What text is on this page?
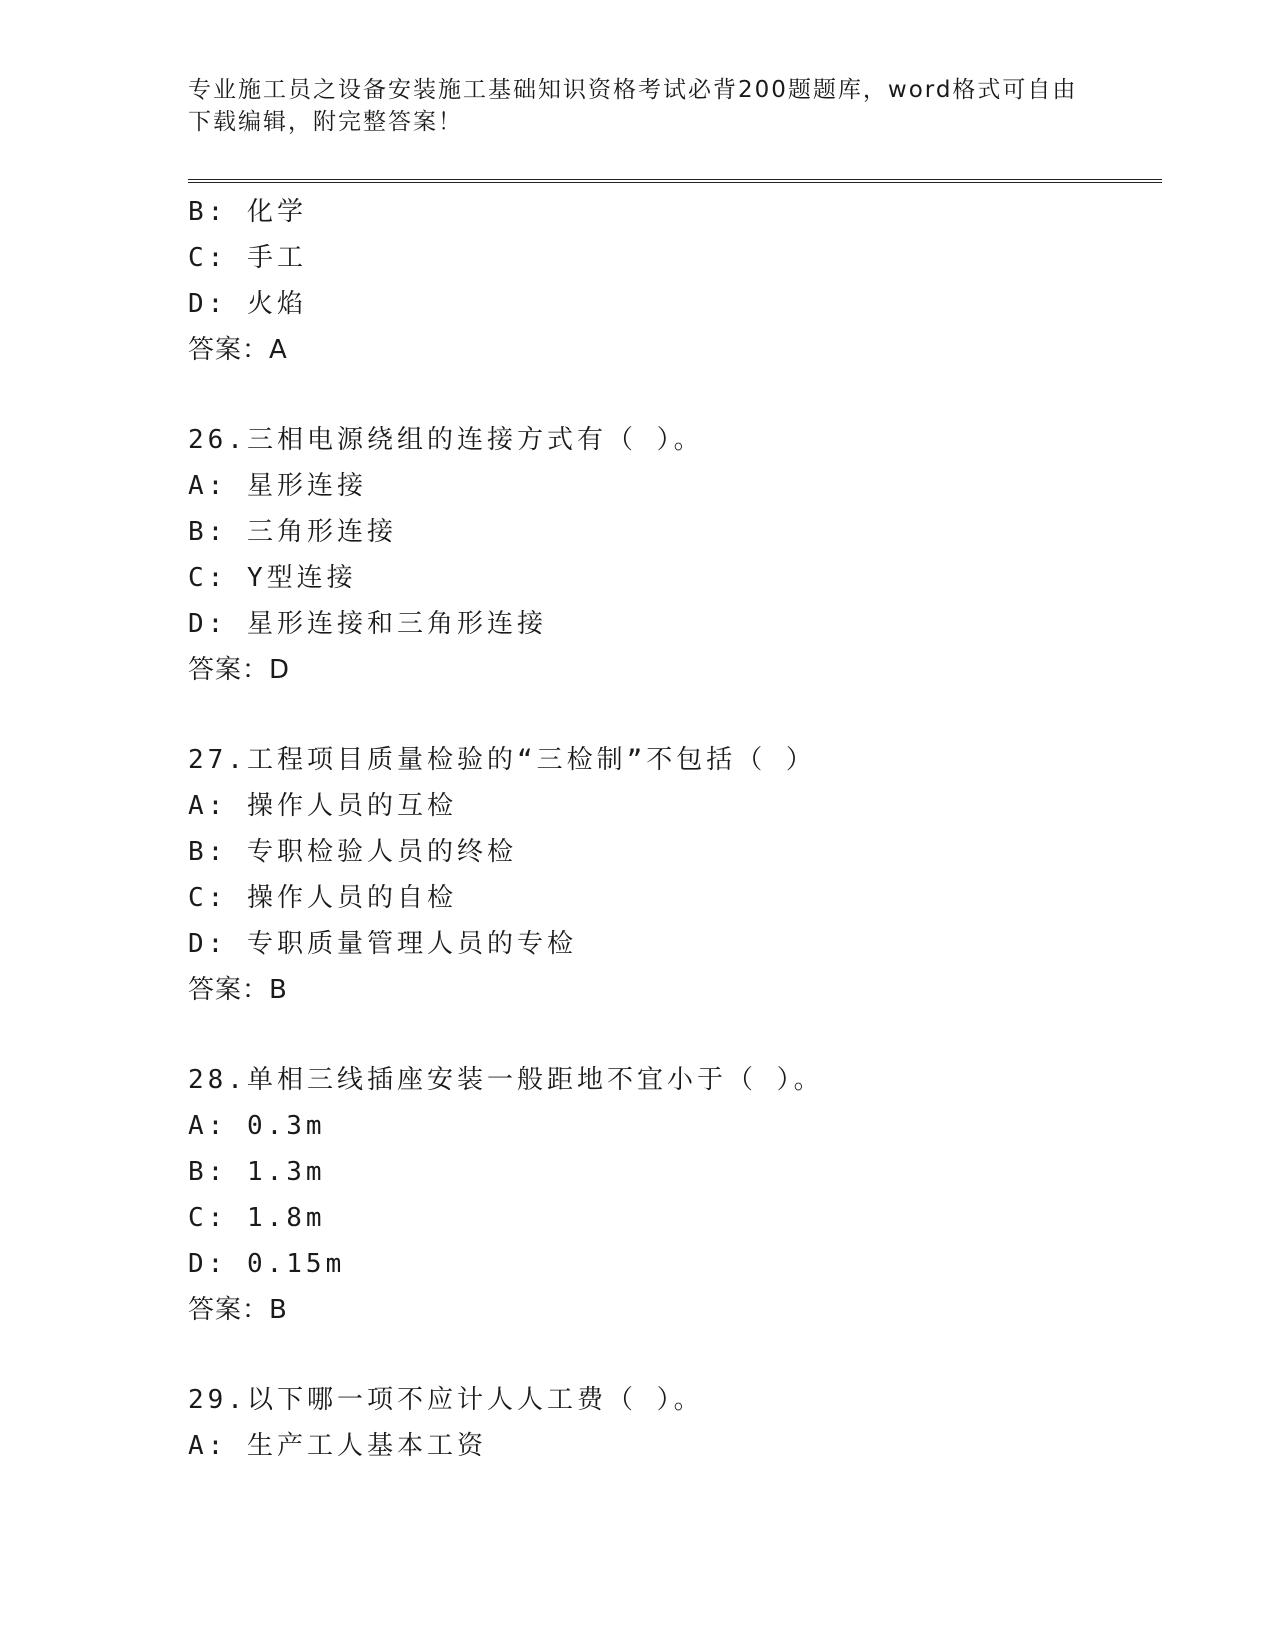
专业施工员之设备安装施工基础知识资格考试必背200题题库，word格式可自由
下载编辑，附完整答案！
B: 化学
C: 手工
D: 火焰
答案：A
26.三相电源绕组的连接方式有（ ）。
A: 星形连接
B: 三角形连接
C: Y型连接
D: 星形连接和三角形连接
答案：D
27.工程项目质量检验的“三检制”不包括（ ）
A: 操作人员的互检
B: 专职检验人员的终检
C: 操作人员的自检
D: 专职质量管理人员的专检
答案：B
28.单相三线插座安装一般距地不宜小于（ ）。
A: 0.3m
B: 1.3m
C: 1.8m
D: 0.15m
答案：B
29.以下哪一项不应计人人工费（ ）。
A: 生产工人基本工资
